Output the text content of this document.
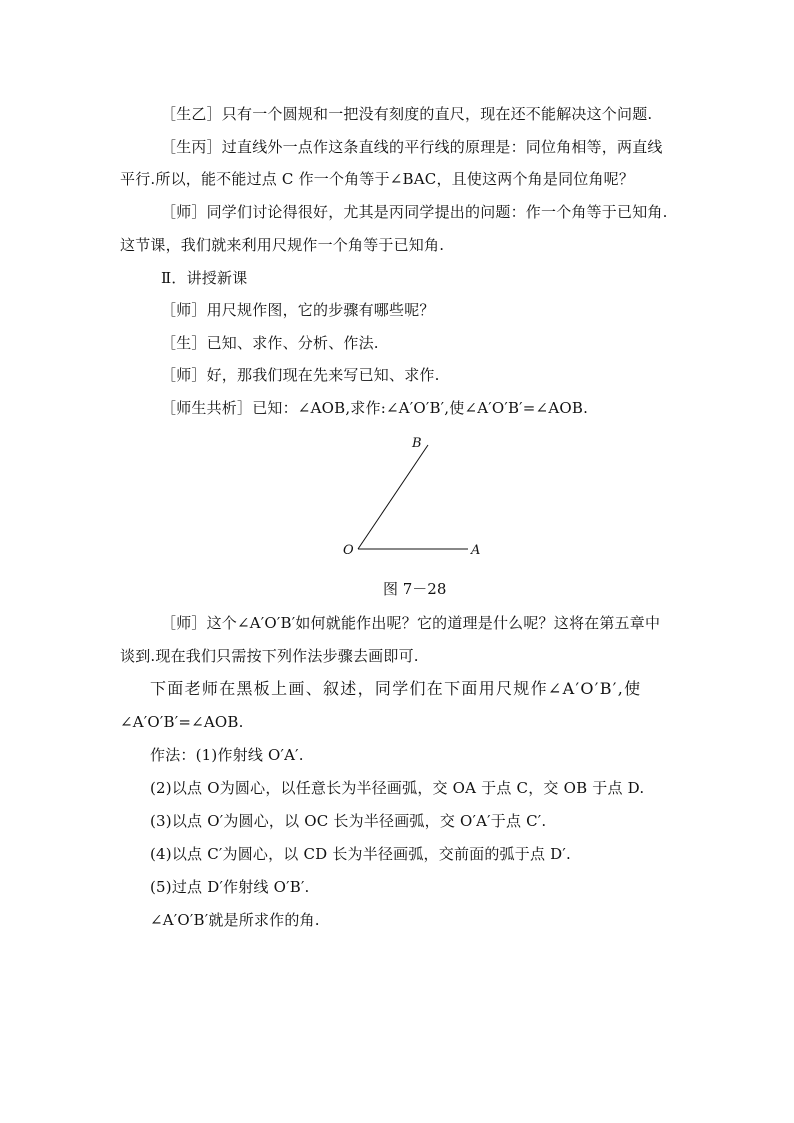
［生乙］只有一个圆规和一把没有刻度的直尺，现在还不能解决这个问题.
［生丙］过直线外一点作这条直线的平行线的原理是：同位角相等，两直线
平行.所以，能不能过点 C 作一个角等于∠BAC，且使这两个角是同位角呢？
［师］同学们讨论得很好，尤其是丙同学提出的问题：作一个角等于已知角.
这节课，我们就来利用尺规作一个角等于已知角.
Ⅱ．讲授新课
［师］用尺规作图，它的步骤有哪些呢？
［生］已知、求作、分析、作法.
［师］好，那我们现在先来写已知、求作.
［师生共析］已知：∠AOB,求作:∠A′O′B′,使∠A′O′B′=∠AOB.
B
O	A
图 7－28
［师］这个∠A′O′B′如何就能作出呢？它的道理是什么呢？这将在第五章中
谈到.现在我们只需按下列作法步骤去画即可.
下面老师在黑板上画、叙述，同学们在下面用尺规作∠A′O′B′,使
∠A′O′B′=∠AOB.
作法：(1)作射线 O′A′.
(2)以点 O为圆心，以任意长为半径画弧，交 OA 于点 C，交 OB 于点 D.
(3)以点 O′为圆心，以 OC 长为半径画弧，交 O′A′于点 C′.
(4)以点 C′为圆心，以 CD 长为半径画弧，交前面的弧于点 D′.
(5)过点 D′作射线 O′B′.
∠A′O′B′就是所求作的角.
